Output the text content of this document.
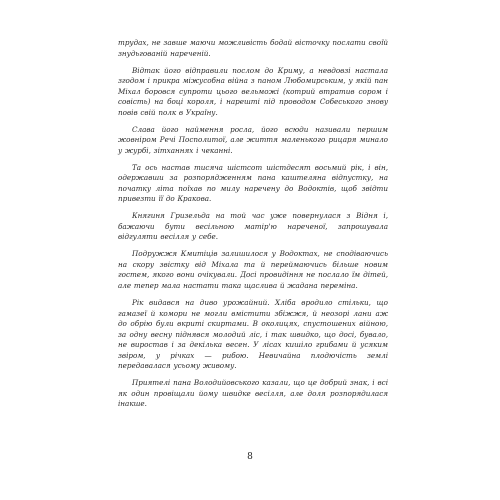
трудах, не завше маючи можливість бодай вісточку послати своїй знудьгованій нареченій.

Відтак його відправили послом до Криму, а невдовзі настала згодом і прикра міжусобна війна з паном Любомирським, у якій пан Міхал боровся супроти цього вельможі (котрий втратив сором і совість) на боці короля, і нарешті під проводом Собеського знову повів свій полк в Україну.

Слава його наймення росла, його всюди називали першим жовніром Речі Посполитої, але життя маленького рицаря минало у журбі, зітханнях і чеканні.

Та ось настав тисяча шістсот шістдесят восьмий рік, і він, одержавши за розпорядженням пана каштеляна відпустку, на початку літа поїхав по милу наречену до Водоктів, щоб звідти привезти її до Кракова.

Княгиня Гризельда на той час уже повернулася з Відня і, бажаючи бути весільною матір'ю нареченої, запрошувала відгуляти весілля у себе.

Подружжя Кмитіців залишилося у Водоктах, не сподіваючись на скору звістку від Міхала та й переймаючись більше новим гостем, якого вони очікували. Досі провидіння не послало їм дітей, але тепер мала настати така щаслива й жадана переміна.

Рік видався на диво урожайний. Хліба вродило стільки, що гамазеї й комори не могли вмістити збіжжя, й неозорі лани аж до обрію були вкриті скиртами. В околицях, спустошених війною, за одну весну піднявся молодий ліс, і так швидко, що досі, бувало, не виростав і за декілька весен. У лісах кишіло грибами й усяким звіром, у річках — рибою. Невичайна плодючість землі передавалася усьому живому.

Приятелі пана Володийовського казали, що це добрий знак, і всі як один провіщали йому швидке весілля, але доля розпорядилася інакше.

8
